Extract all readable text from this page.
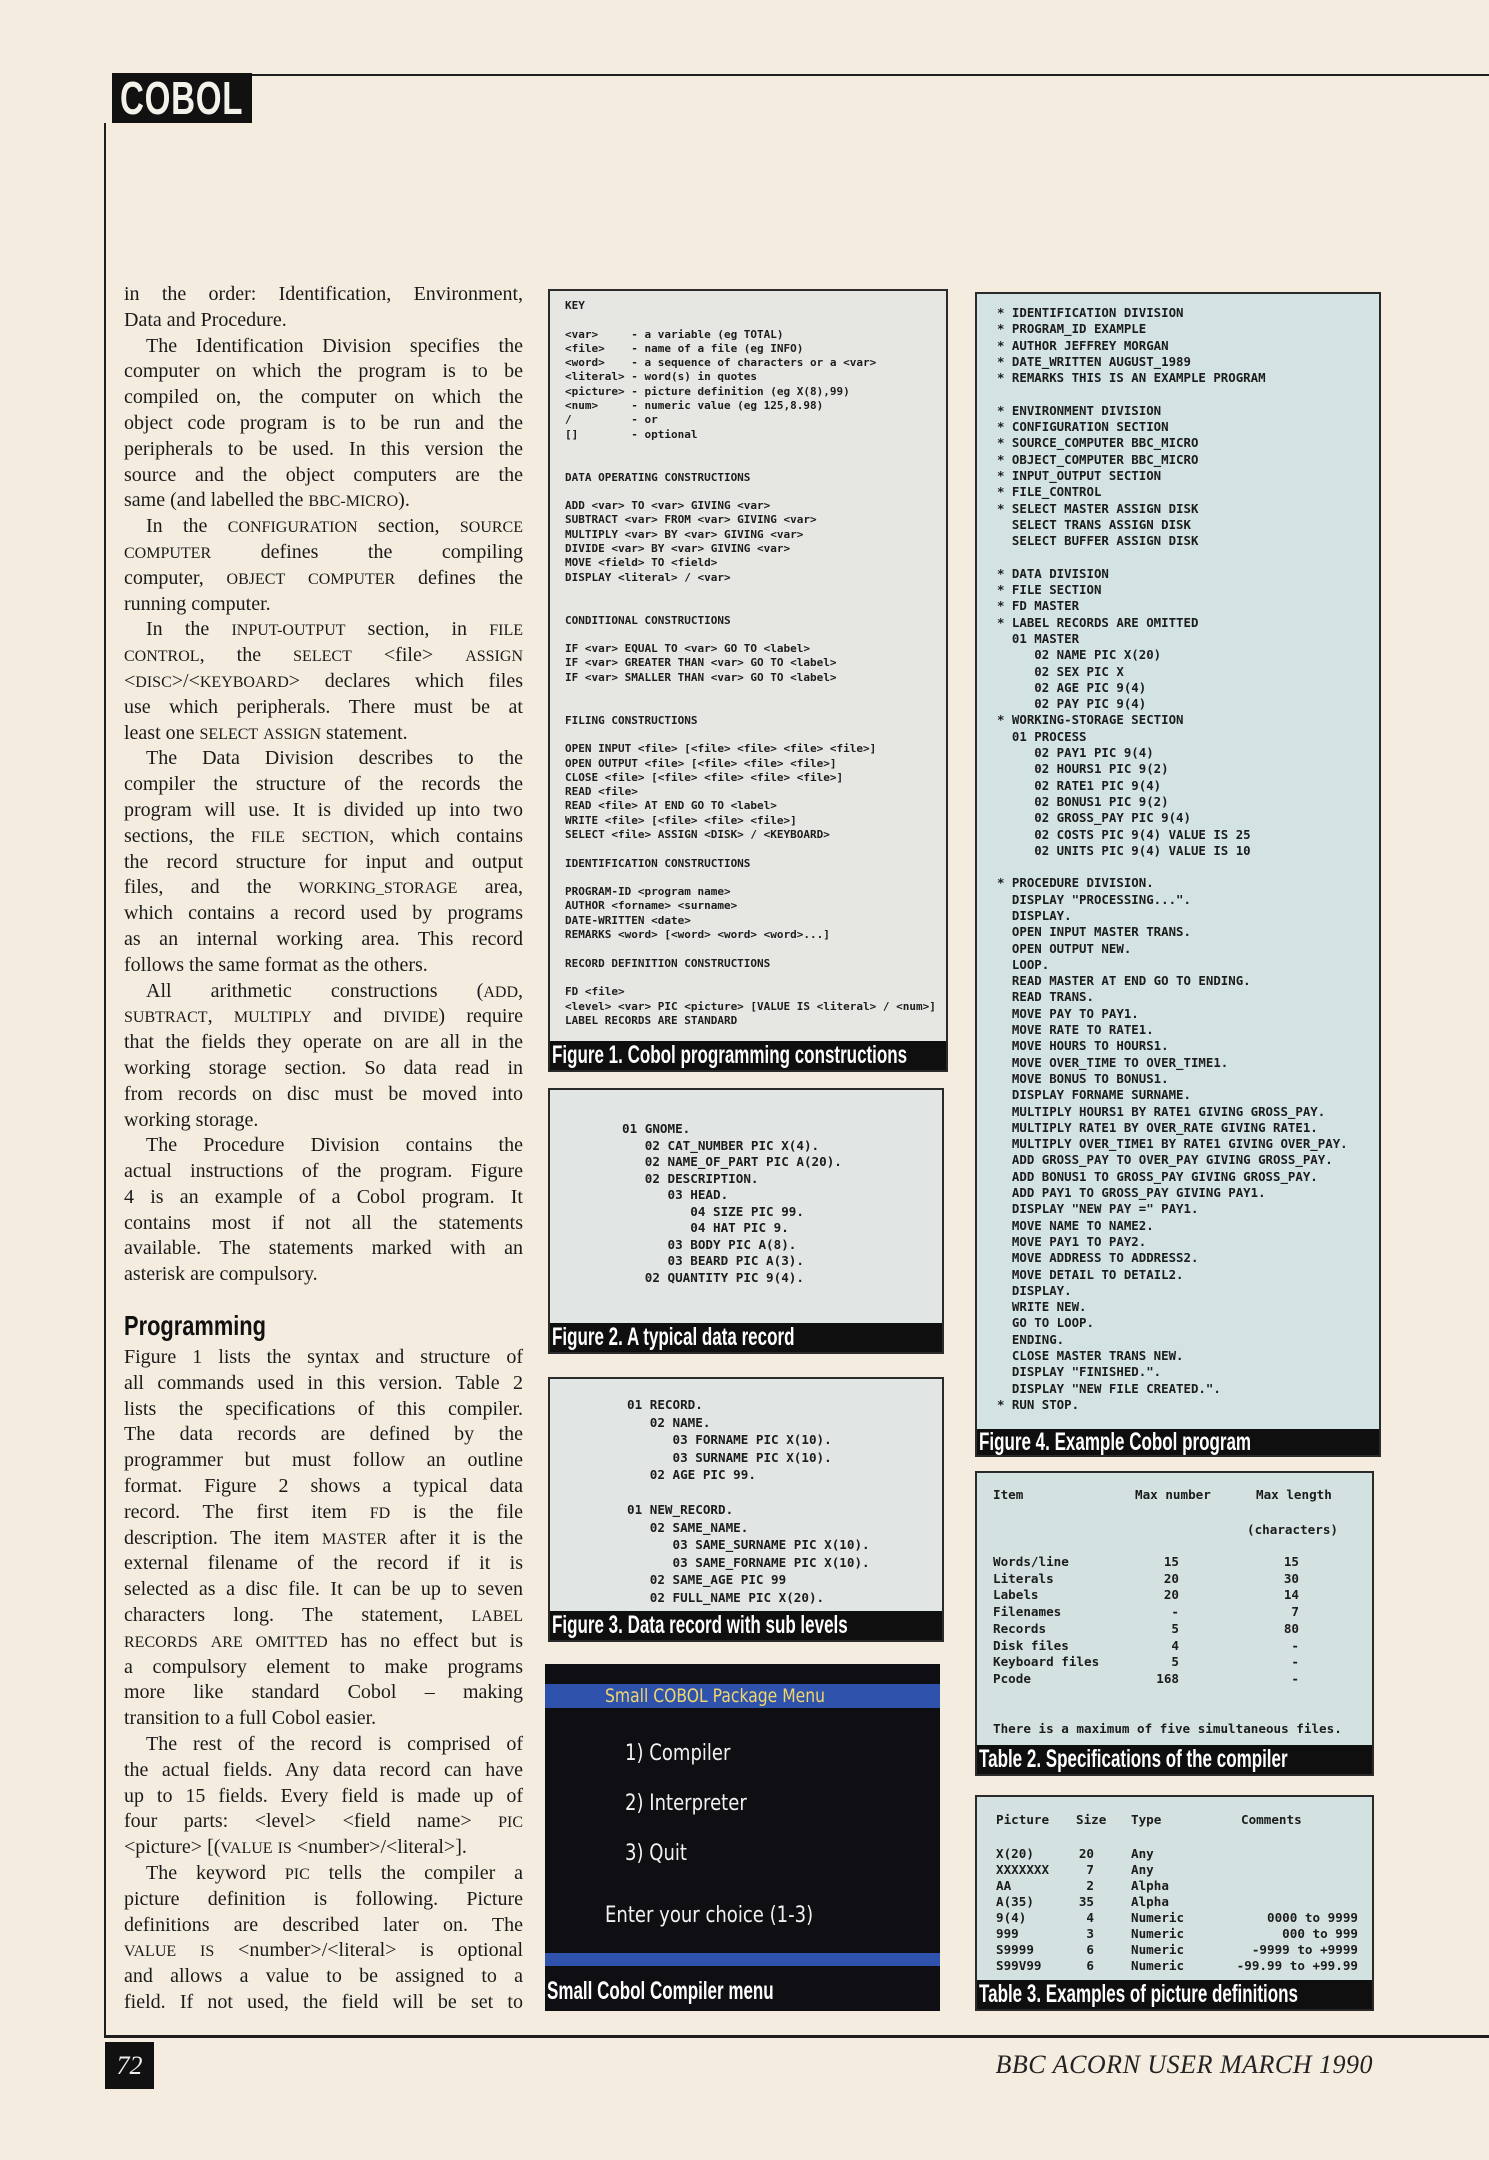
COBOL
in the order: Identification, Environment,
Data and Procedure.
The Identification Division specifies the
computer on which the program is to be
compiled on, the computer on which the
object code program is to be run and the
peripherals to be used. In this version the
source and the object computers are the
same (and labelled the BBC-MICRO).
In the CONFIGURATION section, SOURCE
COMPUTER defines the compiling
computer, OBJECT COMPUTER defines the
running computer.
In the INPUT-OUTPUT section, in FILE
CONTROL, the SELECT <file> ASSIGN
<DISC>/<KEYBOARD> declares which files
use which peripherals. There must be at
least one SELECT ASSIGN statement.
The Data Division describes to the
compiler the structure of the records the
program will use. It is divided up into two
sections, the FILE SECTION, which contains
the record structure for input and output
files, and the WORKING_STORAGE area,
which contains a record used by programs
as an internal working area. This record
follows the same format as the others.
All arithmetic constructions (ADD,
SUBTRACT, MULTIPLY and DIVIDE) require
that the fields they operate on are all in the
working storage section. So data read in
from records on disc must be moved into
working storage.
The Procedure Division contains the
actual instructions of the program. Figure
4 is an example of a Cobol program. It
contains most if not all the statements
available. The statements marked with an
asterisk are compulsory.
Programming
Figure 1 lists the syntax and structure of
all commands used in this version. Table 2
lists the specifications of this compiler.
The data records are defined by the
programmer but must follow an outline
format. Figure 2 shows a typical data
record. The first item FD is the file
description. The item MASTER after it is the
external filename of the record if it is
selected as a disc file. It can be up to seven
characters long. The statement, LABEL
RECORDS ARE OMITTED has no effect but is
a compulsory element to make programs
more like standard Cobol – making
transition to a full Cobol easier.
The rest of the record is comprised of
the actual fields. Any data record can have
up to 15 fields. Every field is made up of
four parts: <level> <field name> PIC
<picture> [(VALUE IS <number>/<literal>].
The keyword PIC tells the compiler a
picture definition is following. Picture
definitions are described later on. The
VALUE IS <number>/<literal> is optional
and allows a value to be assigned to a
field. If not used, the field will be set to
KEY
<var>     - a variable (eg TOTAL)
<file>    - name of a file (eg INFO)
<word>    - a sequence of characters or a <var>
<literal> - word(s) in quotes
<picture> - picture definition (eg X(8),99)
<num>     - numeric value (eg 125,8.98)
/         - or
[]        - optional
DATA OPERATING CONSTRUCTIONS
ADD <var> TO <var> GIVING <var>
SUBTRACT <var> FROM <var> GIVING <var>
MULTIPLY <var> BY <var> GIVING <var>
DIVIDE <var> BY <var> GIVING <var>
MOVE <field> TO <field>
DISPLAY <literal> / <var>
CONDITIONAL CONSTRUCTIONS
IF <var> EQUAL TO <var> GO TO <label>
IF <var> GREATER THAN <var> GO TO <label>
IF <var> SMALLER THAN <var> GO TO <label>
FILING CONSTRUCTIONS
OPEN INPUT <file> [<file> <file> <file> <file>]
OPEN OUTPUT <file> [<file> <file> <file>]
CLOSE <file> [<file> <file> <file> <file>]
READ <file>
READ <file> AT END GO TO <label>
WRITE <file> [<file> <file> <file>]
SELECT <file> ASSIGN <DISK> / <KEYBOARD>
IDENTIFICATION CONSTRUCTIONS
PROGRAM-ID <program name>
AUTHOR <forname> <surname>
DATE-WRITTEN <date>
REMARKS <word> [<word> <word> <word>...]
RECORD DEFINITION CONSTRUCTIONS
FD <file>
<level> <var> PIC <picture> [VALUE IS <literal> / <num>]
LABEL RECORDS ARE STANDARD
Figure 1. Cobol programming constructions
01 GNOME.
02 CAT_NUMBER PIC X(4).
02 NAME_OF_PART PIC A(20).
02 DESCRIPTION.
03 HEAD.
04 SIZE PIC 99.
04 HAT PIC 9.
03 BODY PIC A(8).
03 BEARD PIC A(3).
02 QUANTITY PIC 9(4).
Figure 2. A typical data record
01 RECORD.
02 NAME.
03 FORNAME PIC X(10).
03 SURNAME PIC X(10).
02 AGE PIC 99.
01 NEW_RECORD.
02 SAME_NAME.
03 SAME_SURNAME PIC X(10).
03 SAME_FORNAME PIC X(10).
02 SAME_AGE PIC 99
02 FULL_NAME PIC X(20).
Figure 3. Data record with sub levels
Small COBOL Package Menu
1) Compiler
2) Interpreter
3) Quit
Enter your choice (1-3)
Small Cobol Compiler menu
* IDENTIFICATION DIVISION
* PROGRAM_ID EXAMPLE
* AUTHOR JEFFREY MORGAN
* DATE_WRITTEN AUGUST_1989
* REMARKS THIS IS AN EXAMPLE PROGRAM
* ENVIRONMENT DIVISION
* CONFIGURATION SECTION
* SOURCE_COMPUTER BBC_MICRO
* OBJECT_COMPUTER BBC_MICRO
* INPUT_OUTPUT SECTION
* FILE_CONTROL
* SELECT MASTER ASSIGN DISK
SELECT TRANS ASSIGN DISK
SELECT BUFFER ASSIGN DISK
* DATA DIVISION
* FILE SECTION
* FD MASTER
* LABEL RECORDS ARE OMITTED
01 MASTER
02 NAME PIC X(20)
02 SEX PIC X
02 AGE PIC 9(4)
02 PAY PIC 9(4)
* WORKING-STORAGE SECTION
01 PROCESS
02 PAY1 PIC 9(4)
02 HOURS1 PIC 9(2)
02 RATE1 PIC 9(4)
02 BONUS1 PIC 9(2)
02 GROSS_PAY PIC 9(4)
02 COSTS PIC 9(4) VALUE IS 25
02 UNITS PIC 9(4) VALUE IS 10
* PROCEDURE DIVISION.
DISPLAY "PROCESSING...".
DISPLAY.
OPEN INPUT MASTER TRANS.
OPEN OUTPUT NEW.
LOOP.
READ MASTER AT END GO TO ENDING.
READ TRANS.
MOVE PAY TO PAY1.
MOVE RATE TO RATE1.
MOVE HOURS TO HOURS1.
MOVE OVER_TIME TO OVER_TIME1.
MOVE BONUS TO BONUS1.
DISPLAY FORNAME SURNAME.
MULTIPLY HOURS1 BY RATE1 GIVING GROSS_PAY.
MULTIPLY RATE1 BY OVER_RATE GIVING RATE1.
MULTIPLY OVER_TIME1 BY RATE1 GIVING OVER_PAY.
ADD GROSS_PAY TO OVER_PAY GIVING GROSS_PAY.
ADD BONUS1 TO GROSS_PAY GIVING GROSS_PAY.
ADD PAY1 TO GROSS_PAY GIVING PAY1.
DISPLAY "NEW PAY =" PAY1.
MOVE NAME TO NAME2.
MOVE PAY1 TO PAY2.
MOVE ADDRESS TO ADDRESS2.
MOVE DETAIL TO DETAIL2.
DISPLAY.
WRITE NEW.
GO TO LOOP.
ENDING.
CLOSE MASTER TRANS NEW.
DISPLAY "FINISHED.".
DISPLAY "NEW FILE CREATED.".
* RUN STOP.
Figure 4. Example Cobol program
Item	Max number	Max length
(characters)
Words/line	15	15
Literals	20	30
Labels	20	14
Filenames	-	7
Records	5	80
Disk files	4	-
Keyboard files	5	-
Pcode	168	-
There is a maximum of five simultaneous files.
Table 2. Specifications of the compiler
Picture Size Type	Comments
X(20)	20	Any
XXXXXXX	7	Any
AA	2	Alpha
A(35)	35	Alpha
9(4)	4	Numeric	0000 to 9999
999	3	Numeric	000 to 999
S9999	6	Numeric	-9999 to +9999
S99V99	6	Numeric	-99.99 to +99.99
Table 3. Examples of picture definitions
72	BBC ACORN USER MARCH 1990
